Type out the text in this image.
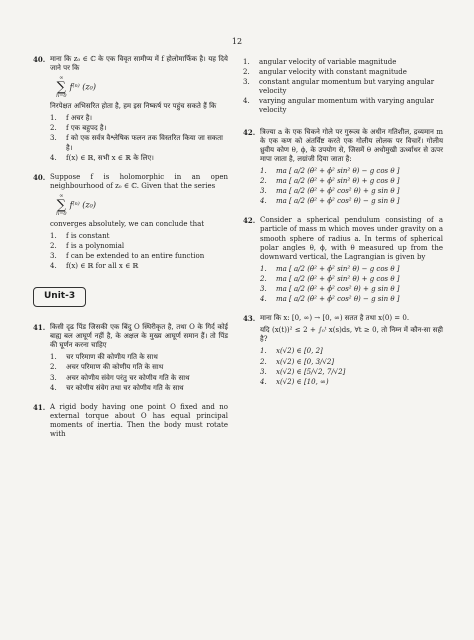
12
40. माना कि z₀ ∈ ℂ के एक विवृत सामीप्य में f होलोमार्फिक है। यह दिये जाने पर कि
∞
∑
n=0
f⁽ⁿ⁾ (z₀)
निरपेक्षत अभिसरित होता है, हम इस निष्कर्ष पर पहुंच सकते हैं कि
1. f अचर है।
2. f एक बहुपद है।
3. f को एक सर्वत्र वैश्लेषिक फलन तक विस्तरित किया जा सकता है।
4. f(x) ∈ ℝ, सभी x ∈ ℝ के लिए।
40. Suppose f is holomorphic in an open neighbourhood of z₀ ∈ ℂ. Given that the series
∞
∑
n=0
f⁽ⁿ⁾ (z₀)
converges absolutely, we can conclude that
1. f is constant
2. f is a polynomial
3. f can be extended to an entire function
4. f(x) ∈ ℝ for all x ∈ ℝ
Unit-3
41. किसी दृढ पिंड जिसकी एक बिंदु O स्थिरीकृत है, तथा O के गिर्द कोई बाह्य बल आघूर्ण नहीं है, के अक्षल के मुख्य आघूर्ण समान हैं। तो पिंड की घूर्णन करना चाहिए
1. चर परिमाण की कोणीय गति के साथ
2. अचर परिमाण की कोणीय गति के साथ
3. अचर कोणीय संवेग परंतु चर कोणीय गति के साथ
4. चर कोणीय संवेग तथा चर कोणीय गति के साथ
41. A rigid body having one point O fixed and no external torque about O has equal principal moments of inertia. Then the body must rotate with
1. angular velocity of variable magnitude
2. angular velocity with constant magnitude
3. constant angular momentum but varying angular velocity
4. varying angular momentum with varying angular velocity
42. त्रिज्या a के एक चिकने गोले पर गुरूत्व के अधीन गतिशील, द्रव्यमान m के एक कण को अंतर्विष्ट करते एक गोलीय लोलक पर विचारें। गोलीय ध्रुवीय कोण θ, ϕ, के उपयोग से, जिसमें θ अधोमुखी ऊर्ध्वाधर से ऊपर मापा जाता है, लग्रांजी दिया जाता है:
1. ma [ a/2 (θ̇² + ϕ̇² sin² θ) − g cos θ ]
2. ma [ a/2 (θ̇² + ϕ̇² sin² θ) + g cos θ ]
3. ma [ a/2 (θ̇² + ϕ̇² cos² θ) + g sin θ ]
4. ma [ a/2 (θ̇² + ϕ̇² cos² θ) − g sin θ ]
42. Consider a spherical pendulum consisting of a particle of mass m which moves under gravity on a smooth sphere of radius a. In terms of spherical polar angles θ, ϕ, with θ measured up from the downward vertical, the Lagrangian is given by
1. ma [ a/2 (θ̇² + ϕ̇² sin² θ) − g cos θ ]
2. ma [ a/2 (θ̇² + ϕ̇² sin² θ) + g cos θ ]
3. ma [ a/2 (θ̇² + ϕ̇² cos² θ) + g sin θ ]
4. ma [ a/2 (θ̇² + ϕ̇² cos² θ) − g sin θ ]
43. माना कि x: [0, ∞) → [0, ∞) सतत है तथा x(0) = 0.
यदि (x(t))² ≤ 2 + ∫₀ᵗ x(s)ds, ∀t ≥ 0, तो निम्न में कौन-सा सही है?
1. x(√2) ∈ [0, 2]
2. x(√2) ∈ [0, 3/√2]
3. x(√2) ∈ [5/√2, 7/√2]
4. x(√2) ∈ [10, ∞)
